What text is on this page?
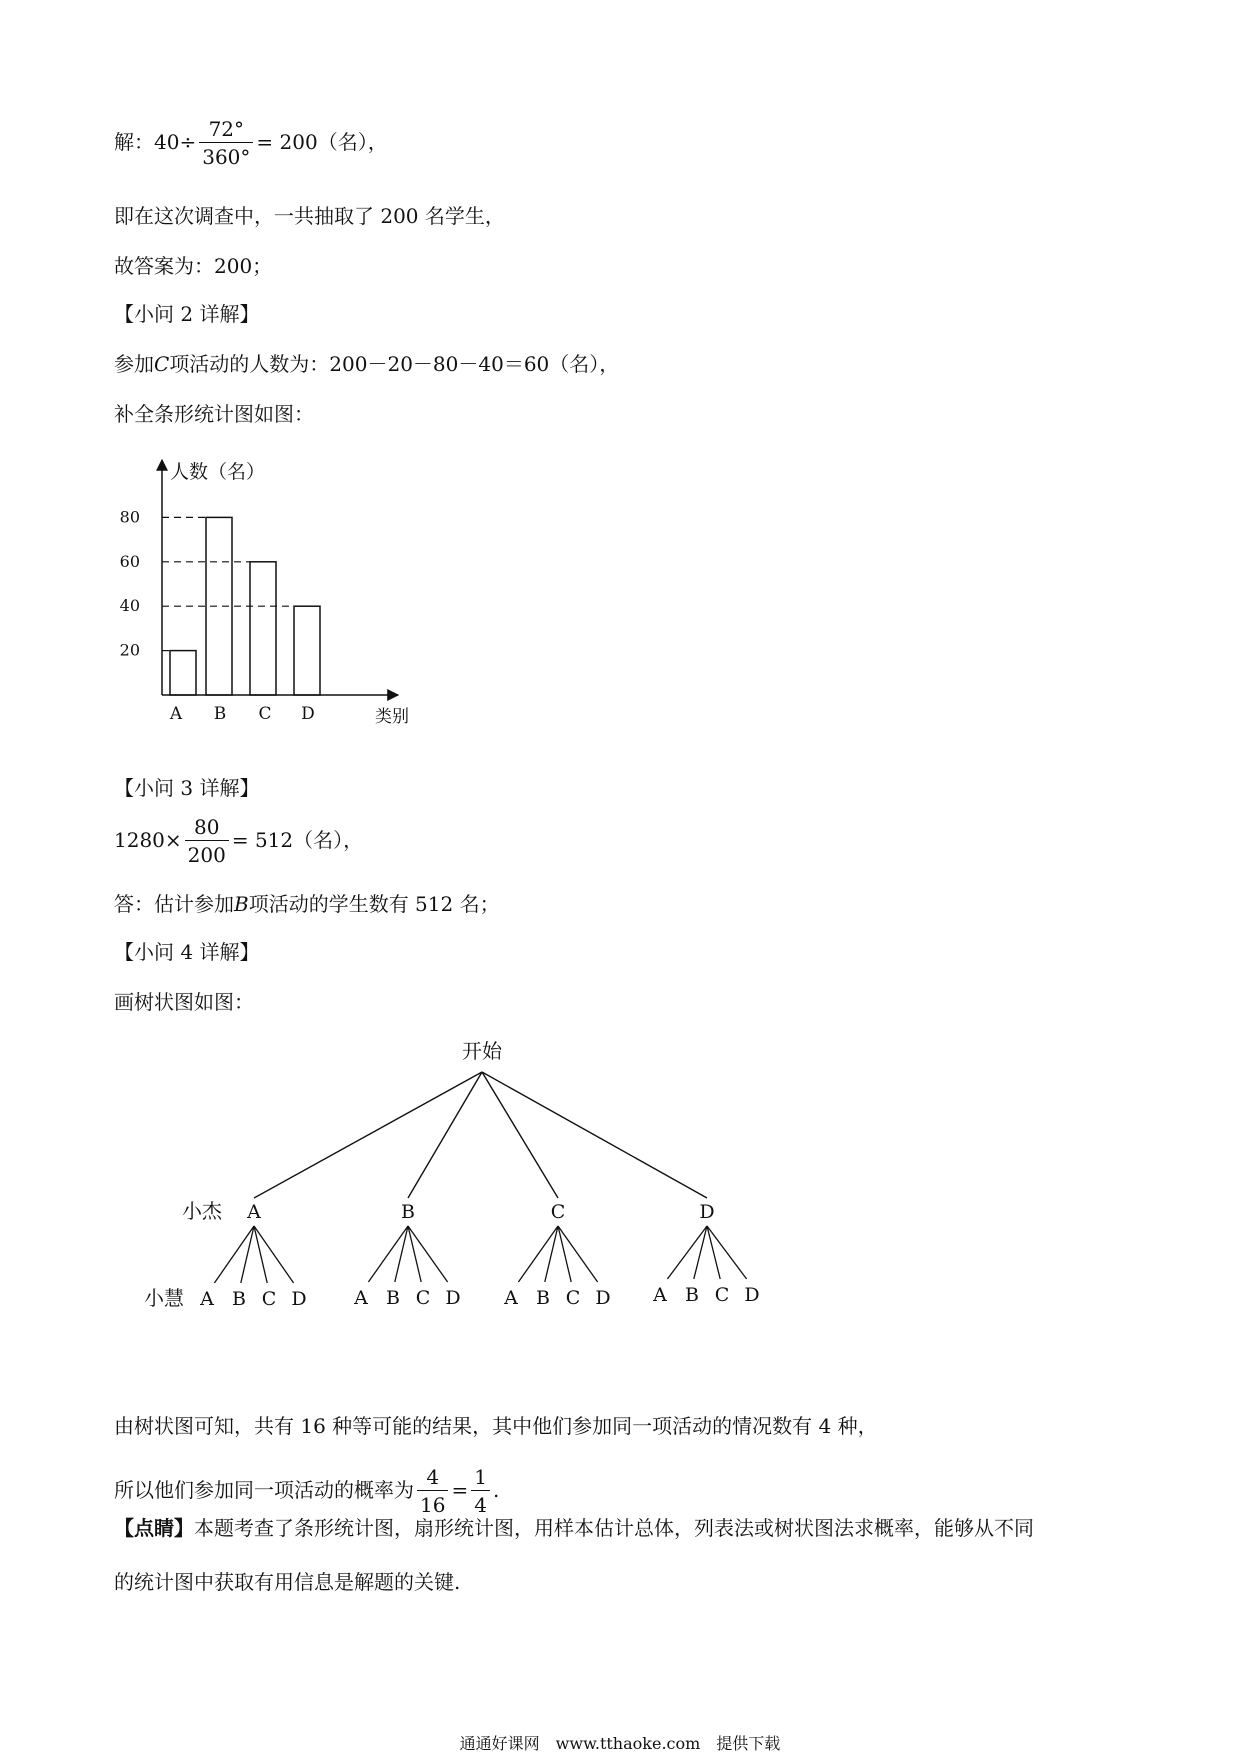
解：$40\div \frac{72^\circ}{360^\circ} = 200$（名），
即在这次调查中，一共抽取了 200 名学生，
故答案为：200；
【小问 2 详解】
参加C项活动的人数为：200－20－80－40＝60（名），
补全条形统计图如图：
20
40
60
80
A B C D
人数（名）
类别
【小问 3 详解】
$1280\times \frac{80}{200} = 512$（名），
答：估计参加B项活动的学生数有 512 名；
【小问 4 详解】
画树状图如图：
开始
小杰
小慧
A
A B C D
B
A B C D
C
A B C D
D
A B C D
由树状图可知，共有 16 种等可能的结果，其中他们参加同一项活动的情况数有 4 种，
所以他们参加同一项活动的概率为 $\frac{4}{16} = \frac{1}{4}$ .
【点睛】本题考查了条形统计图，扇形统计图，用样本估计总体，列表法或树状图法求概率，能够从不同
的统计图中获取有用信息是解题的关键.
通通好课网　www.tthaoke.com　提供下载
